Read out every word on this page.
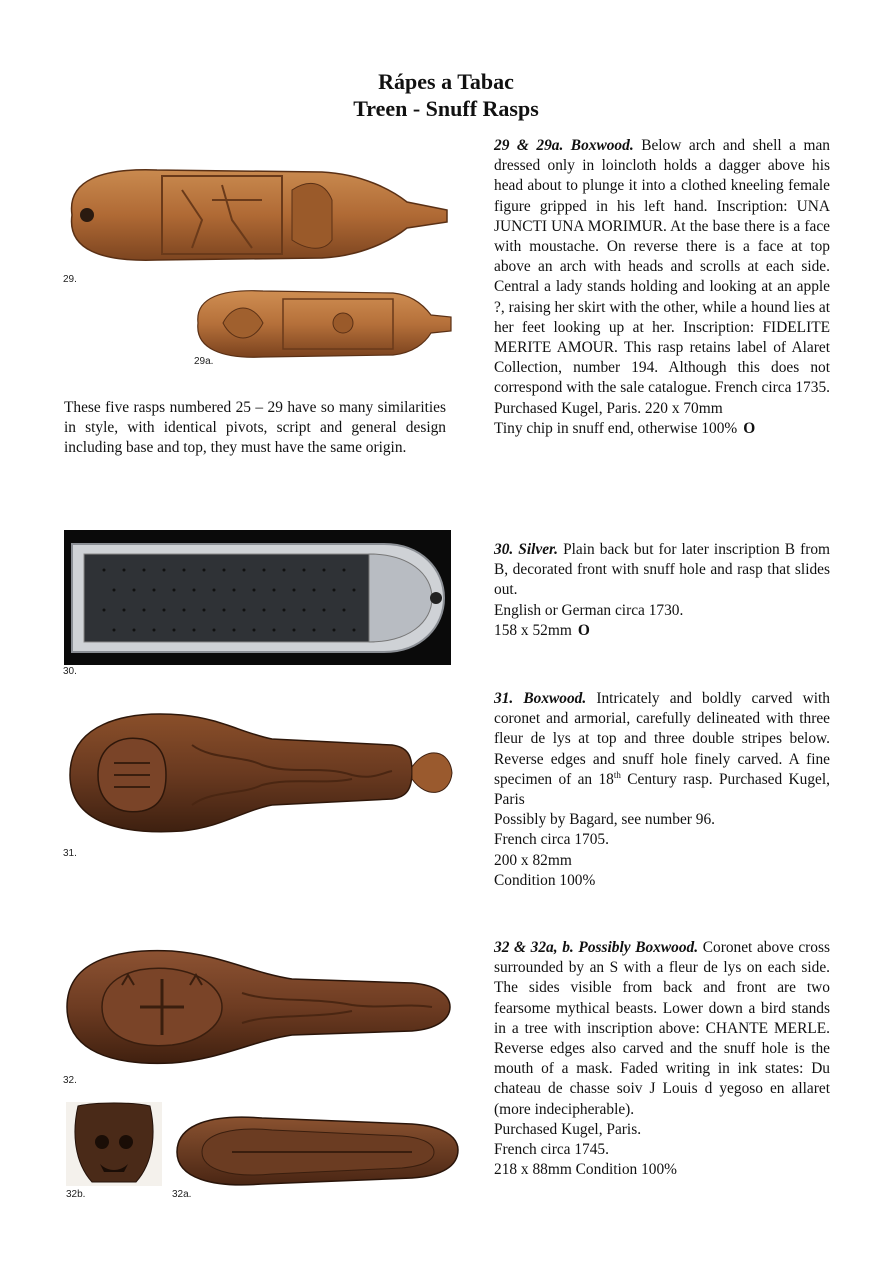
Rápes a Tabac
Treen - Snuff Rasps
29.
29a.
These five rasps numbered 25 – 29 have so many similarities in style, with identical pivots, script and general design including base and top, they must have the same origin.

29 & 29a. Boxwood. Below arch and shell a man dressed only in loincloth holds a dagger above his head about to plunge it into a clothed kneeling female figure gripped in his left hand. Inscription: UNA JUNCTI UNA MORIMUR. At the base there is a face with moustache. On reverse there is a face at top above an arch with heads and scrolls at each side. Central a lady stands holding and looking at an apple ?, raising her skirt with the other, while a hound lies at her feet looking up at her. Inscription: FIDELITE MERITE AMOUR. This rasp retains label of Alaret Collection, number 194. Although this does not correspond with the sale catalogue. French circa 1735. Purchased Kugel, Paris. 220 x 70mm

Tiny chip in snuff end, otherwise 100% O

30.

30. Silver. Plain back but for later inscription B from B, decorated front with snuff hole and rasp that slides out.

English or German circa 1730.

158 x 52mm O

31.

31. Boxwood. Intricately and boldly carved with coronet and armorial, carefully delineated with three fleur de lys at top and three double stripes below. Reverse edges and snuff hole finely carved. A fine specimen of an 18th Century rasp. Purchased Kugel, Paris

Possibly by Bagard, see number 96.

French circa 1705.

200 x 82mm

Condition 100%

32.
32b.	32a.

32 & 32a, b. Possibly Boxwood. Coronet above cross surrounded by an S with a fleur de lys on each side. The sides visible from back and front are two fearsome mythical beasts. Lower down a bird stands in a tree with inscription above: CHANTE MERLE. Reverse edges also carved and the snuff hole is the mouth of a mask. Faded writing in ink states: Du chateau de chasse soiv J Louis d yegoso en allaret (more indecipherable).

Purchased Kugel, Paris.

French circa 1745.

218 x 88mm Condition 100%
